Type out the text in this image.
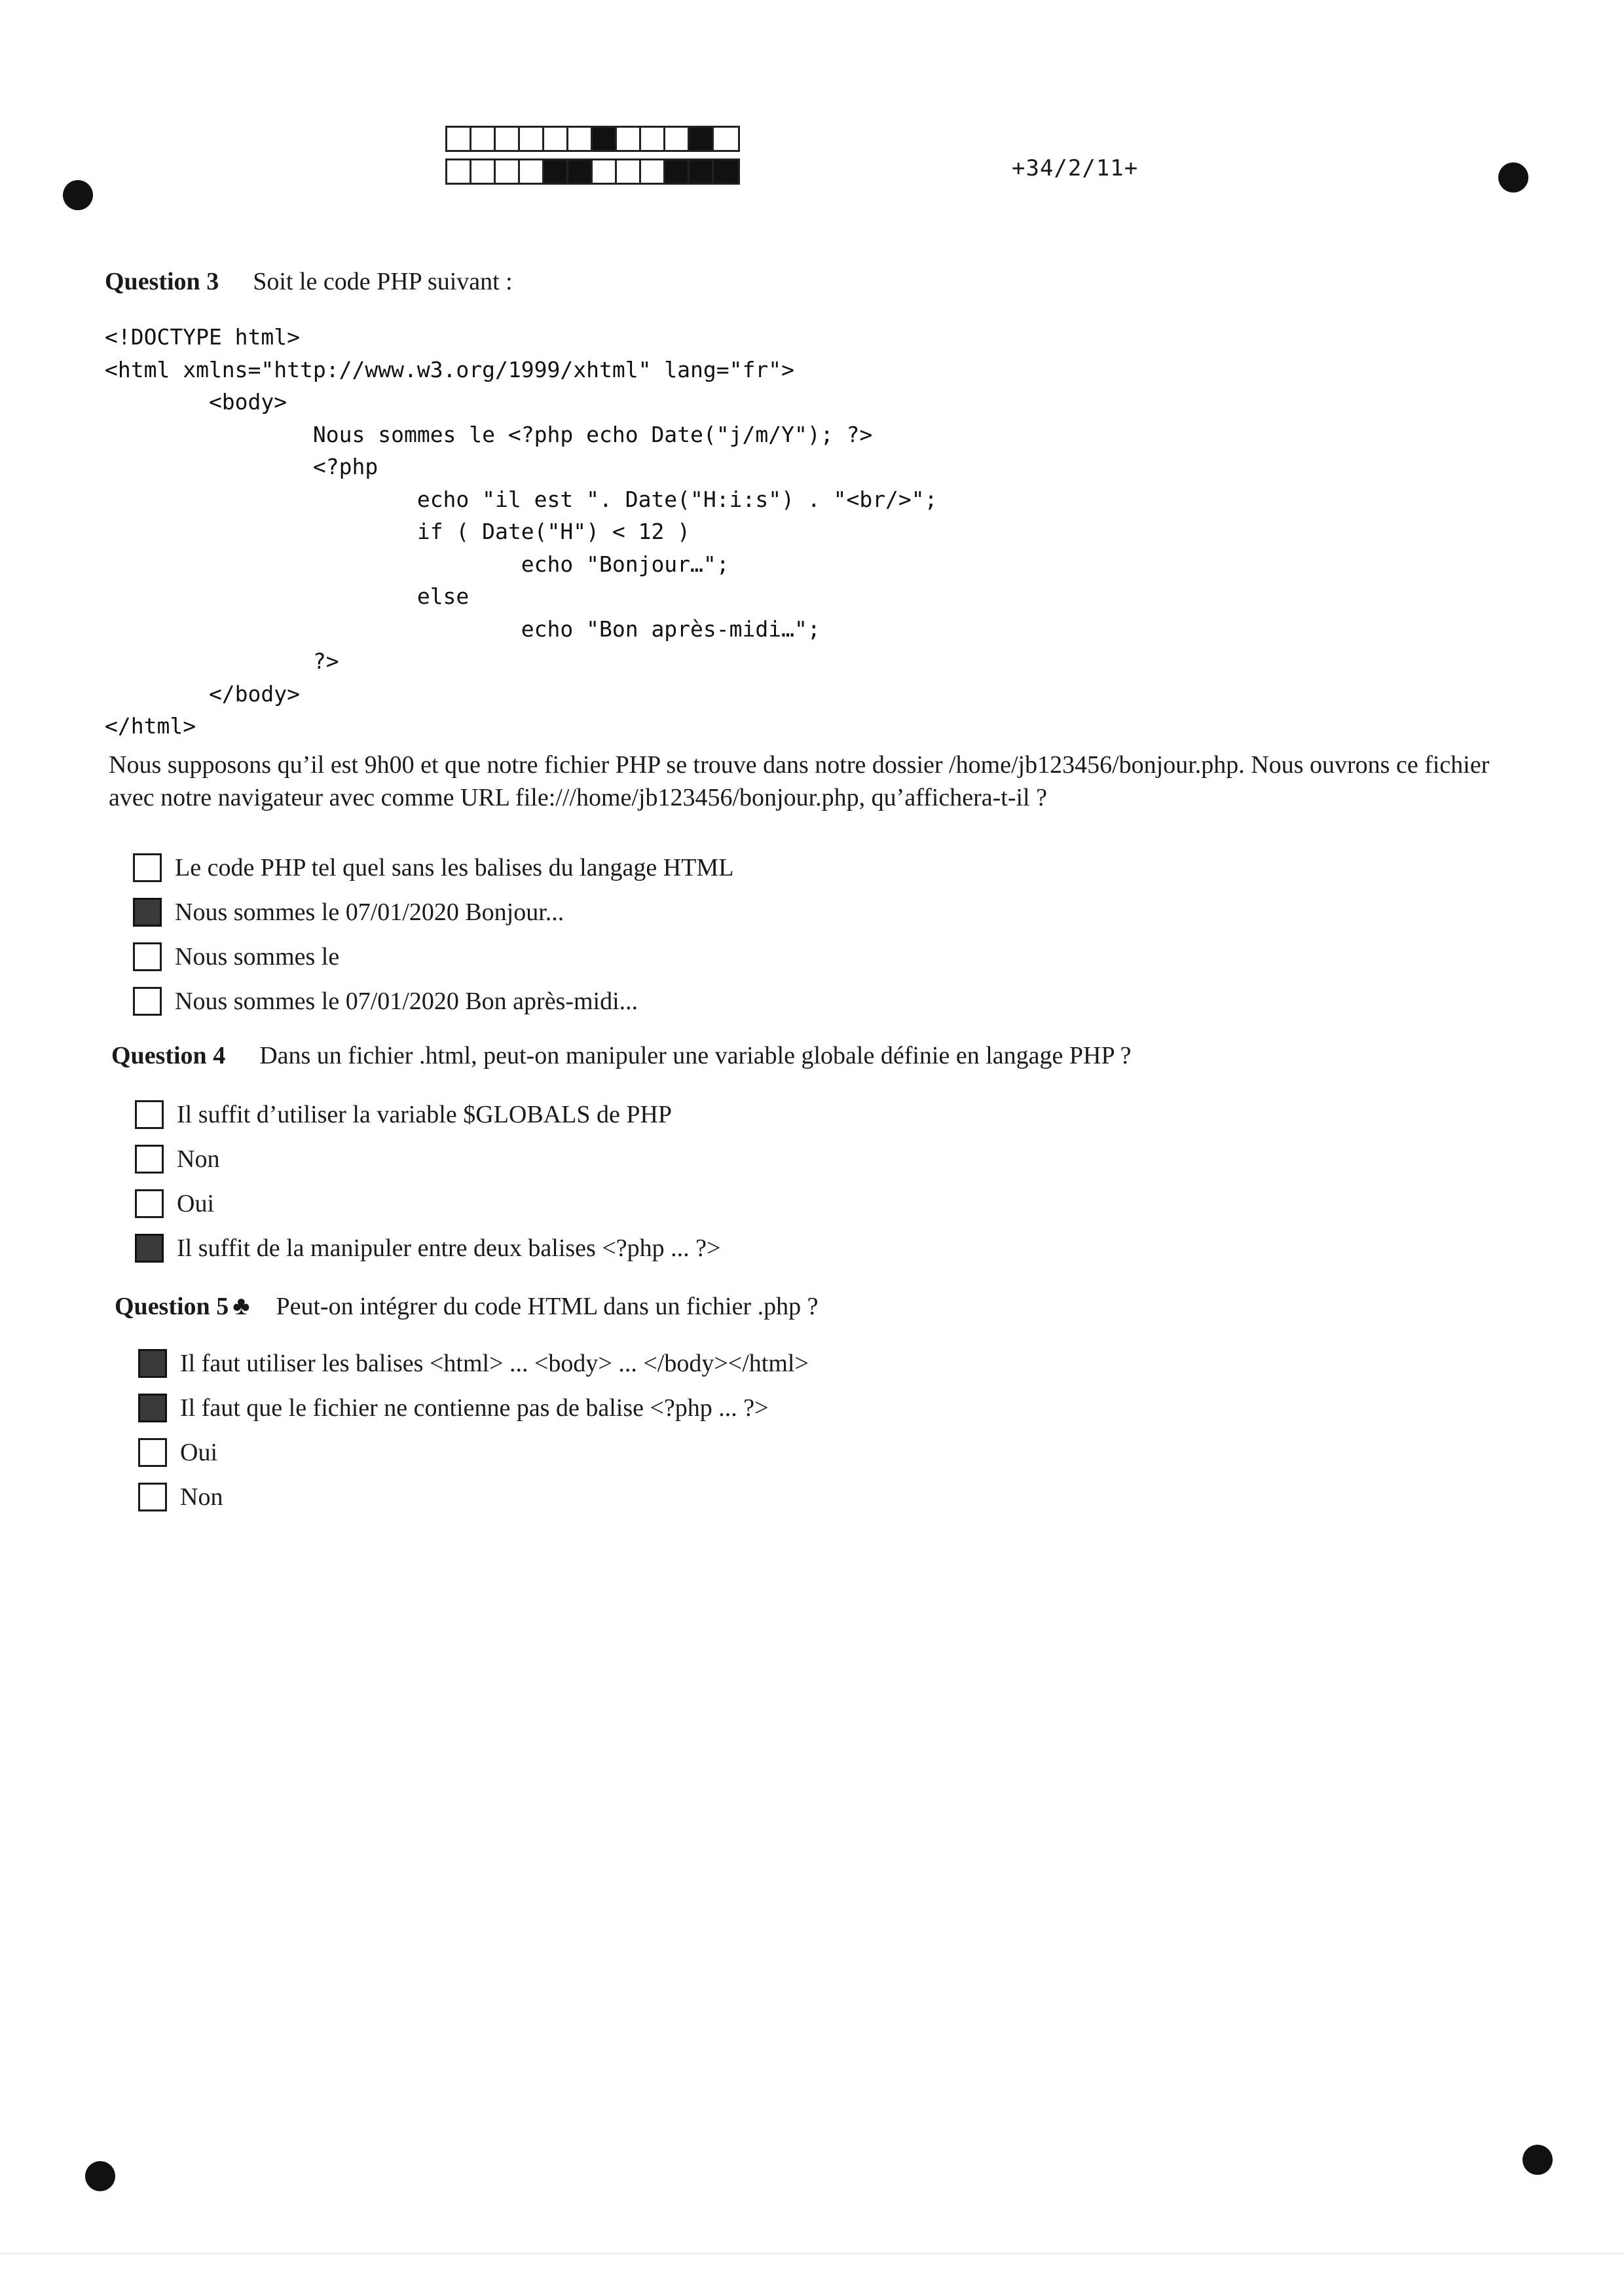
+34/2/11+
Question 3 Soit le code PHP suivant :
<!DOCTYPE html>
<html xmlns="http://www.w3.org/1999/xhtml" lang="fr">
<body>
Nous sommes le <?php echo Date("j/m/Y"); ?>
<?php
echo "il est ". Date("H:i:s") . "<br/>";
if ( Date("H") < 12 )
echo "Bonjour…";
else
echo "Bon après-midi…";
?>
</body>
</html>
Nous supposons qu’il est 9h00 et que notre fichier PHP se trouve dans notre dossier /home/jb123456/bonjour.php. Nous ouvrons ce fichier avec notre navigateur avec comme URL file:///home/jb123456/bonjour.php, qu’affichera-t-il ?
Le code PHP tel quel sans les balises du langage HTML
Nous sommes le 07/01/2020 Bonjour...
Nous sommes le
Nous sommes le 07/01/2020 Bon après-midi...
Question 4 Dans un fichier .html, peut-on manipuler une variable globale définie en langage PHP ?
Il suffit d’utiliser la variable $GLOBALS de PHP
Non
Oui
Il suffit de la manipuler entre deux balises <?php ... ?>
Question 5 ♣ Peut-on intégrer du code HTML dans un fichier .php ?
Il faut utiliser les balises <html> ... <body> ... </body></html>
Il faut que le fichier ne contienne pas de balise <?php ... ?>
Oui
Non
